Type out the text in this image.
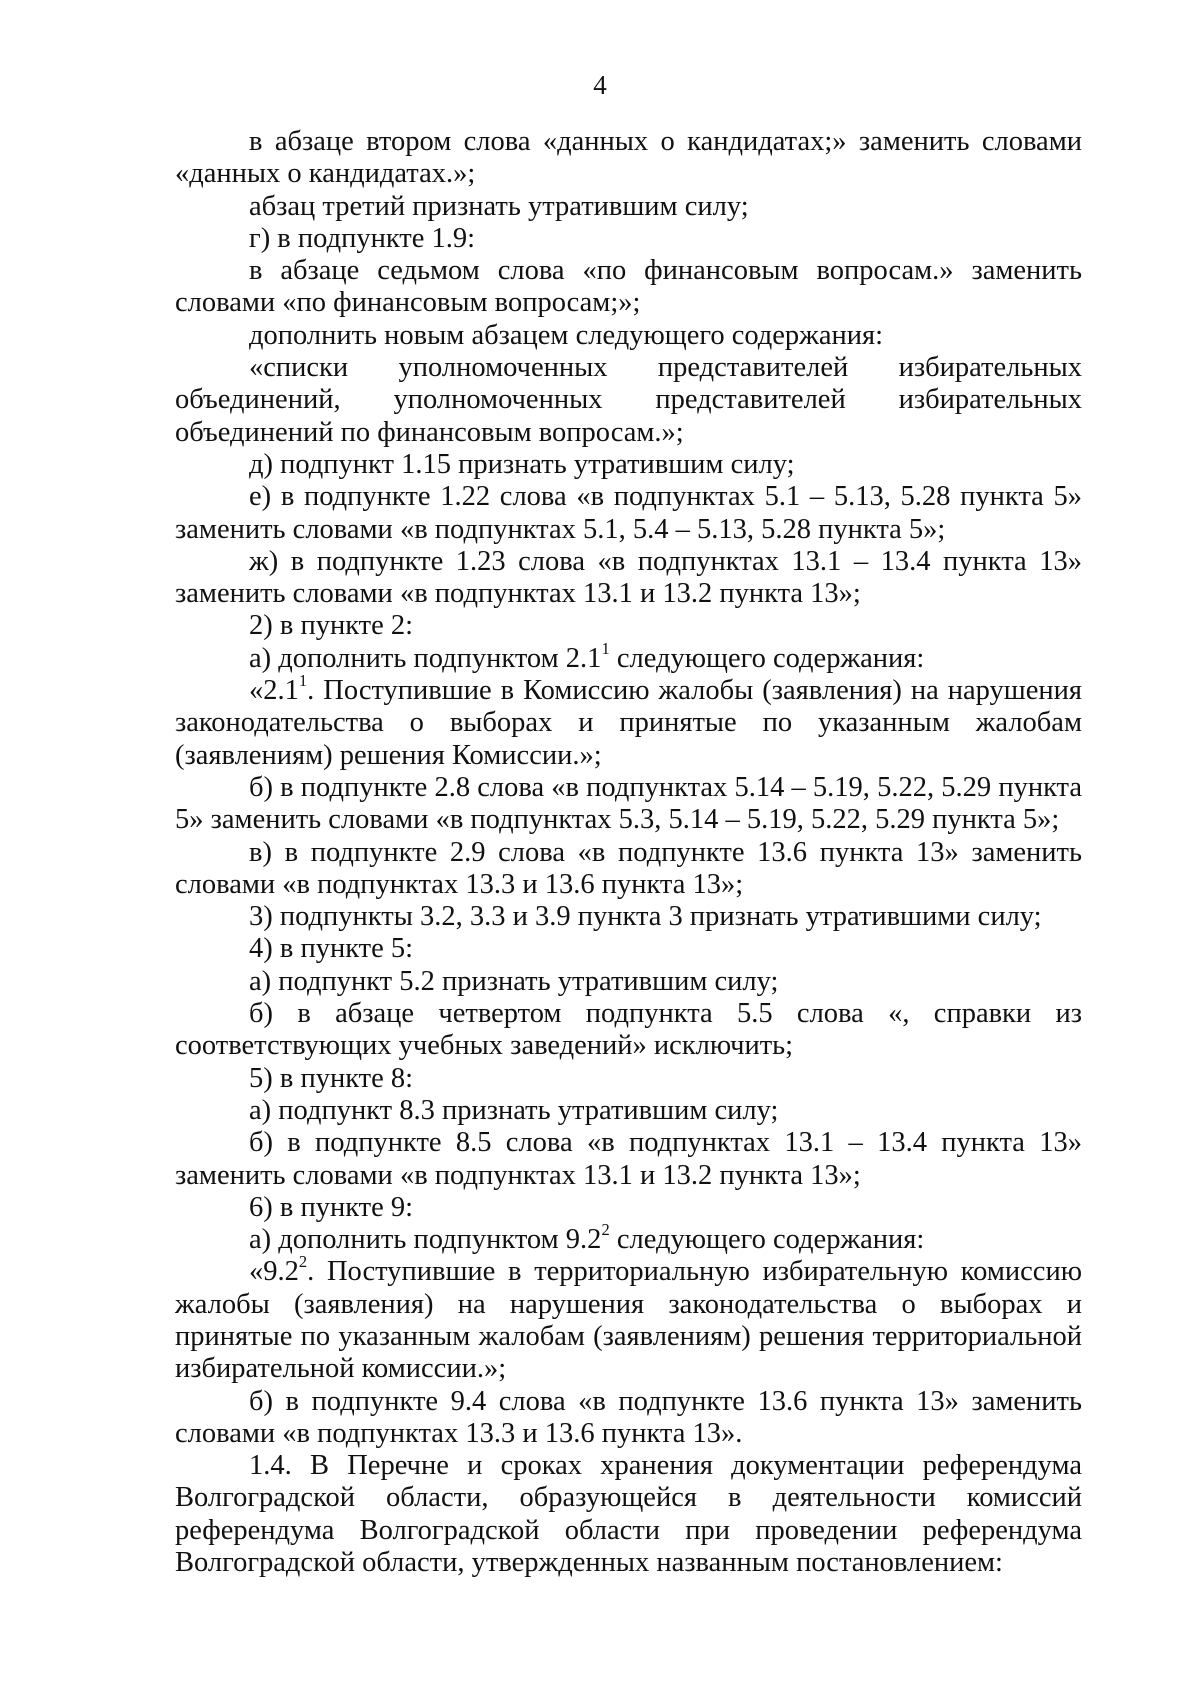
4

в абзаце втором слова «данных о кандидатах;» заменить словами «данных о кандидатах.»;

абзац третий признать утратившим силу;

г) в подпункте 1.9:

в абзаце седьмом слова «по финансовым вопросам.» заменить словами «по финансовым вопросам;»;

дополнить новым абзацем следующего содержания:

«списки уполномоченных представителей избирательных объединений, уполномоченных представителей избирательных объединений по финансовым вопросам.»;

д) подпункт 1.15 признать утратившим силу;

е) в подпункте 1.22 слова «в подпунктах 5.1 – 5.13, 5.28 пункта 5» заменить словами «в подпунктах 5.1, 5.4 – 5.13, 5.28 пункта 5»;

ж) в подпункте 1.23 слова «в подпунктах 13.1 – 13.4 пункта 13» заменить словами «в подпунктах 13.1 и 13.2 пункта 13»;

2) в пункте 2:

а) дополнить подпунктом $2.1^1$ следующего содержания:

«$2.1^1$. Поступившие в Комиссию жалобы (заявления) на нарушения законодательства о выборах и принятые по указанным жалобам (заявлениям) решения Комиссии.»;

б) в подпункте 2.8 слова «в подпунктах 5.14 – 5.19, 5.22, 5.29 пункта 5» заменить словами «в подпунктах 5.3, 5.14 – 5.19, 5.22, 5.29 пункта 5»;

в) в подпункте 2.9 слова «в подпункте 13.6 пункта 13» заменить словами «в подпунктах 13.3 и 13.6 пункта 13»;

3) подпункты 3.2, 3.3 и 3.9 пункта 3 признать утратившими силу;

4) в пункте 5:

а) подпункт 5.2 признать утратившим силу;

б) в абзаце четвертом подпункта 5.5 слова «, справки из соответствующих учебных заведений» исключить;

5) в пункте 8:

а) подпункт 8.3 признать утратившим силу;

б) в подпункте 8.5 слова «в подпунктах 13.1 – 13.4 пункта 13» заменить словами «в подпунктах 13.1 и 13.2 пункта 13»;

6) в пункте 9:

а) дополнить подпунктом $9.2^2$ следующего содержания:

«$9.2^2$. Поступившие в территориальную избирательную комиссию жалобы (заявления) на нарушения законодательства о выборах и принятые по указанным жалобам (заявлениям) решения территориальной избирательной комиссии.»;

б) в подпункте 9.4 слова «в подпункте 13.6 пункта 13» заменить словами «в подпунктах 13.3 и 13.6 пункта 13».

1.4. В Перечне и сроках хранения документации референдума Волгоградской области, образующейся в деятельности комиссий референдума Волгоградской области при проведении референдума Волгоградской области, утвержденных названным постановлением:
